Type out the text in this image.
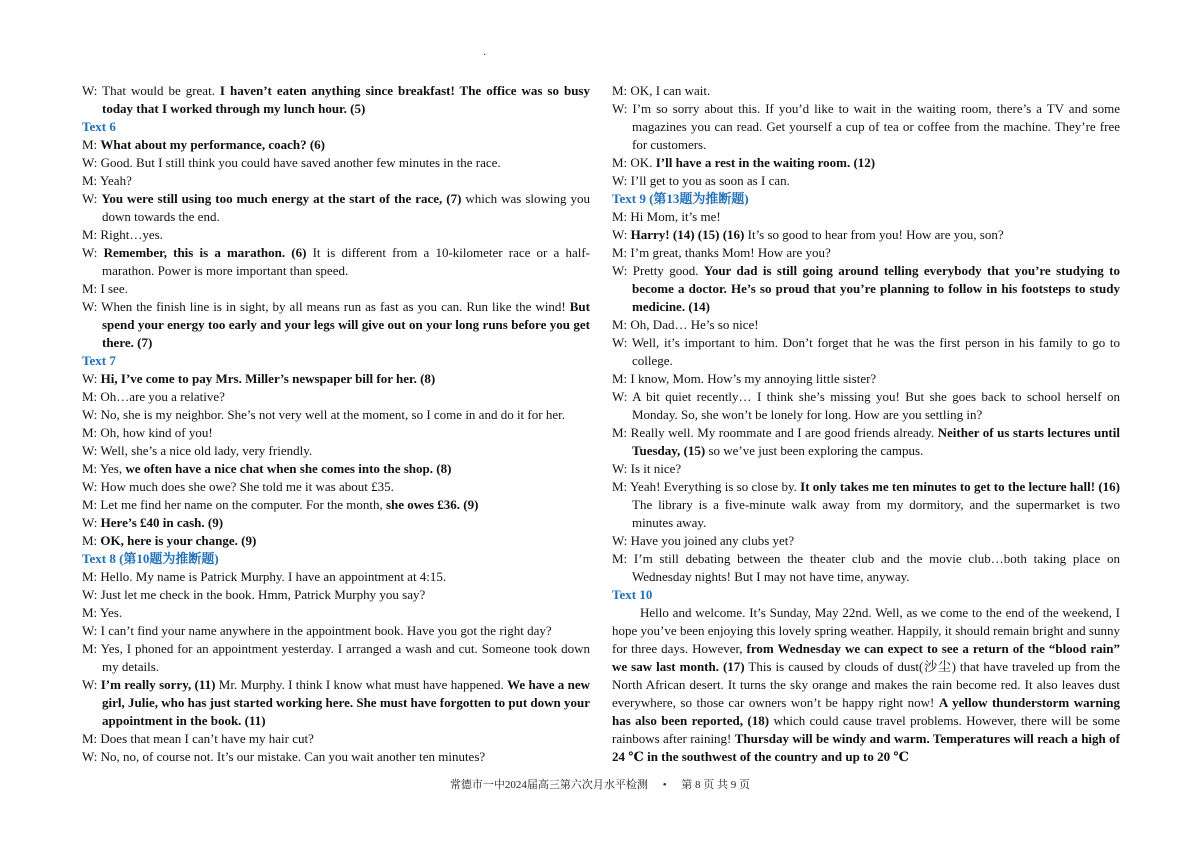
·

W: That would be great. I haven’t eaten anything since breakfast! The office was so busy today that I worked through my lunch hour. (5)

Text 6

M: What about my performance, coach? (6)

W: Good. But I still think you could have saved another few minutes in the race.

M: Yeah?

W: You were still using too much energy at the start of the race, (7) which was slowing you down towards the end.

M: Right…yes.

W: Remember, this is a marathon. (6) It is different from a 10-kilometer race or a half-marathon. Power is more important than speed.

M: I see.

W: When the finish line is in sight, by all means run as fast as you can. Run like the wind! But spend your energy too early and your legs will give out on your long runs before you get there. (7)

Text 7

W: Hi, I’ve come to pay Mrs. Miller’s newspaper bill for her. (8)

M: Oh…are you a relative?

W: No, she is my neighbor. She’s not very well at the moment, so I come in and do it for her.

M: Oh, how kind of you!

W: Well, she’s a nice old lady, very friendly.

M: Yes, we often have a nice chat when she comes into the shop. (8)

W: How much does she owe? She told me it was about £35.

M: Let me find her name on the computer. For the month, she owes £36. (9)

W: Here’s £40 in cash. (9)

M: OK, here is your change. (9)

Text 8 (第10题为推断题)

M: Hello. My name is Patrick Murphy. I have an appointment at 4:15.

W: Just let me check in the book. Hmm, Patrick Murphy you say?

M: Yes.

W: I can’t find your name anywhere in the appointment book. Have you got the right day?

M: Yes, I phoned for an appointment yesterday. I arranged a wash and cut. Someone took down my details.

W: I’m really sorry, (11) Mr. Murphy. I think I know what must have happened. We have a new girl, Julie, who has just started working here. She must have forgotten to put down your appointment in the book. (11)

M: Does that mean I can’t have my hair cut?

W: No, no, of course not. It’s our mistake. Can you wait another ten minutes?

M: OK, I can wait.

W: I’m so sorry about this. If you’d like to wait in the waiting room, there’s a TV and some magazines you can read. Get yourself a cup of tea or coffee from the machine. They’re free for customers.

M: OK. I’ll have a rest in the waiting room. (12)

W: I’ll get to you as soon as I can.

Text 9 (第13题为推断题)

M: Hi Mom, it’s me!

W: Harry! (14) (15) (16) It’s so good to hear from you! How are you, son?

M: I’m great, thanks Mom! How are you?

W: Pretty good. Your dad is still going around telling everybody that you’re studying to become a doctor. He’s so proud that you’re planning to follow in his footsteps to study medicine. (14)

M: Oh, Dad… He’s so nice!

W: Well, it’s important to him. Don’t forget that he was the first person in his family to go to college.

M: I know, Mom. How’s my annoying little sister?

W: A bit quiet recently… I think she’s missing you! But she goes back to school herself on Monday. So, she won’t be lonely for long. How are you settling in?

M: Really well. My roommate and I are good friends already. Neither of us starts lectures until Tuesday, (15) so we’ve just been exploring the campus.

W: Is it nice?

M: Yeah! Everything is so close by. It only takes me ten minutes to get to the lecture hall! (16) The library is a five-minute walk away from my dormitory, and the supermarket is two minutes away.

W: Have you joined any clubs yet?

M: I’m still debating between the theater club and the movie club…both taking place on Wednesday nights! But I may not have time, anyway.

Text 10

Hello and welcome. It’s Sunday, May 22nd. Well, as we come to the end of the weekend, I hope you’ve been enjoying this lovely spring weather. Happily, it should remain bright and sunny for three days. However, from Wednesday we can expect to see a return of the “blood rain” we saw last month. (17) This is caused by clouds of dust(沙尘) that have traveled up from the North African desert. It turns the sky orange and makes the rain become red. It also leaves dust everywhere, so those car owners won’t be happy right now! A yellow thunderstorm warning has also been reported, (18) which could cause travel problems. However, there will be some rainbows after raining! Thursday will be windy and warm. Temperatures will reach a high of 24 ℃ in the southwest of the country and up to 20 ℃

常德市一中2024届高三第六次月水平检测 • 第 8 页 共 9 页
